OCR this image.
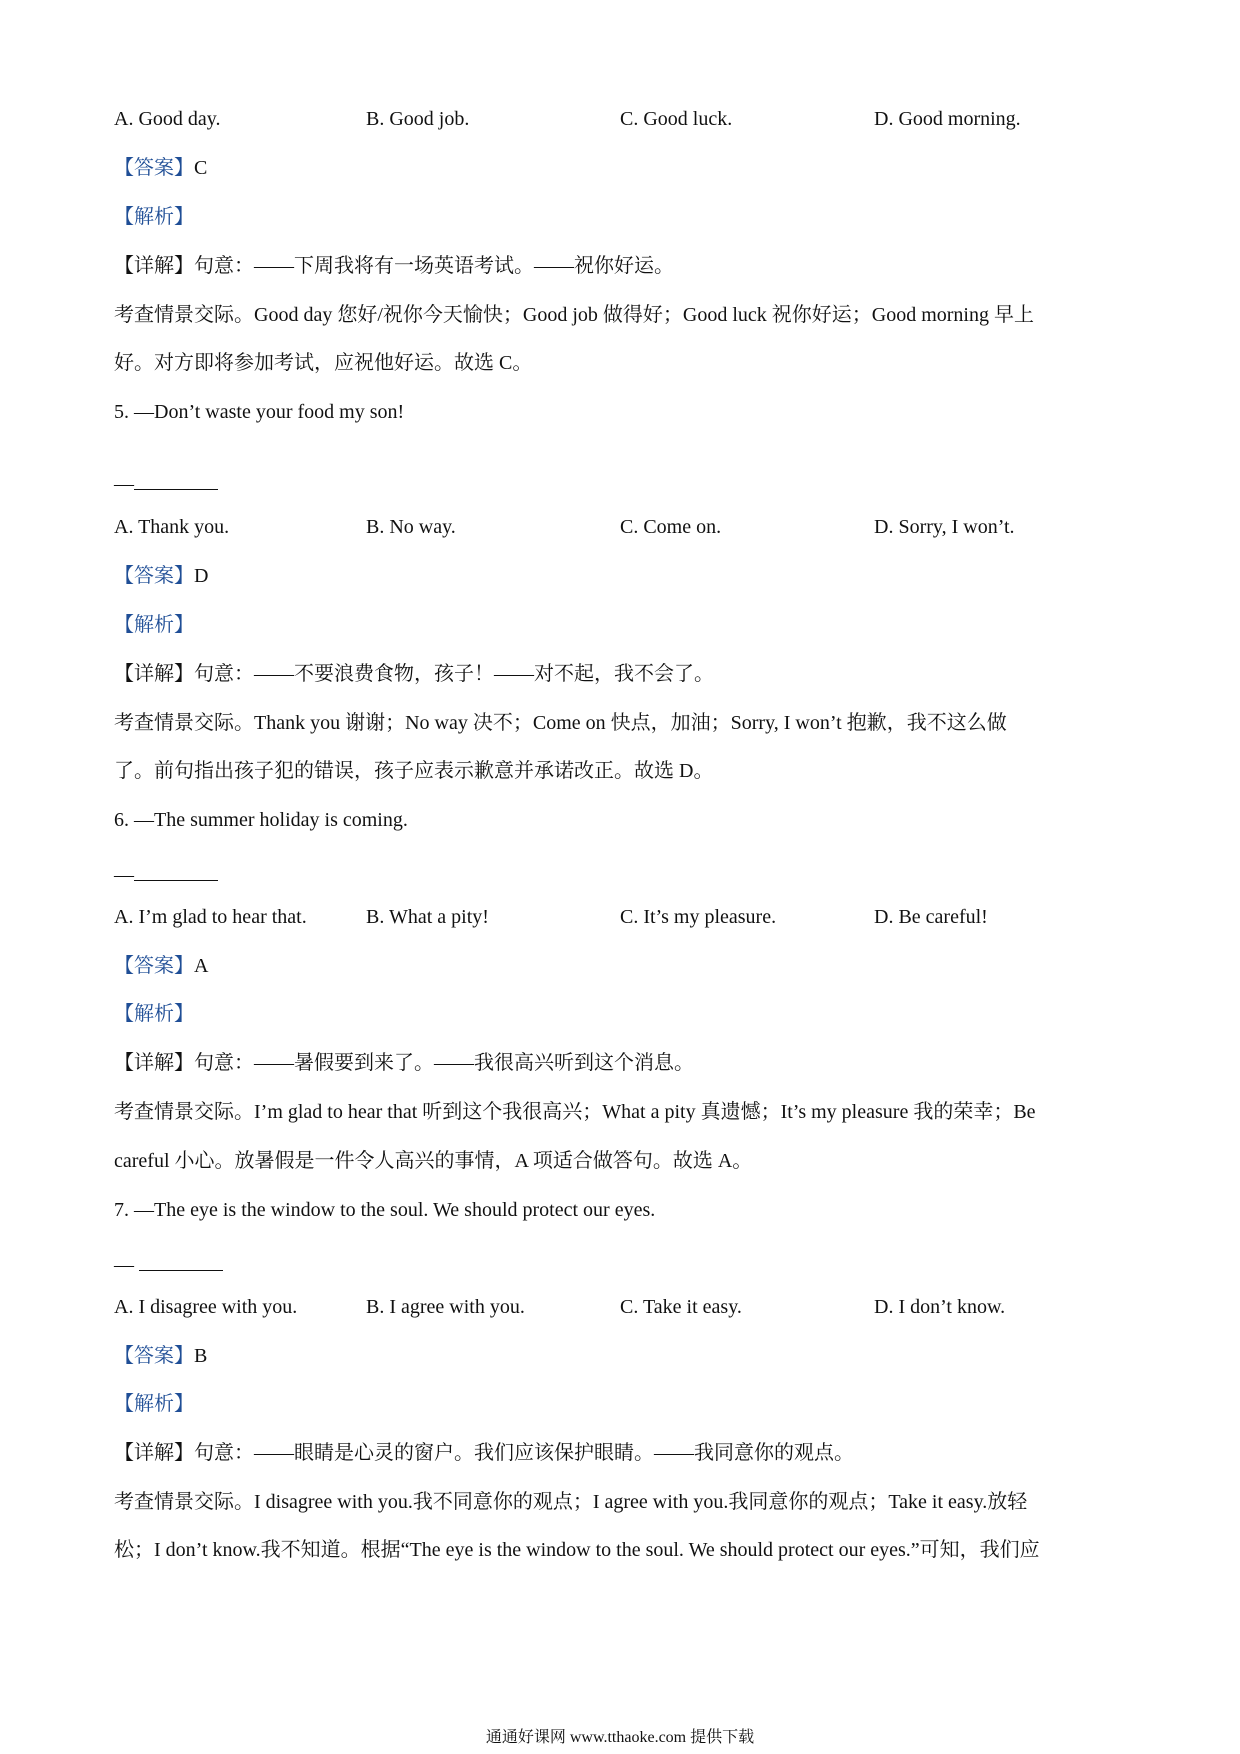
A. Good day.	B. Good job.	C. Good luck.	D. Good morning.
【答案】C
【解析】
【详解】句意：——下周我将有一场英语考试。——祝你好运。
考查情景交际。Good day 您好/祝你今天愉快；Good job 做得好；Good luck 祝你好运；Good morning 早上
好。对方即将参加考试，应祝他好运。故选 C。
5. —Don’t waste your food my son!
—
A. Thank you.	B. No way.	C. Come on.	D. Sorry, I won’t.
【答案】D
【解析】
【详解】句意：——不要浪费食物，孩子！——对不起，我不会了。
考查情景交际。Thank you 谢谢；No way 决不；Come on 快点，加油；Sorry, I won’t 抱歉，我不这么做
了。前句指出孩子犯的错误，孩子应表示歉意并承诺改正。故选 D。
6. —The summer holiday is coming.
—
A. I’m glad to hear that.	B. What a pity!	C. It’s my pleasure.	D. Be careful!
【答案】A
【解析】
【详解】句意：——暑假要到来了。——我很高兴听到这个消息。
考查情景交际。I’m glad to hear that 听到这个我很高兴；What a pity 真遗憾；It’s my pleasure 我的荣幸；Be
careful 小心。放暑假是一件令人高兴的事情，A 项适合做答句。故选 A。
7. —The eye is the window to the soul. We should protect our eyes.
—
A. I disagree with you.	B. I agree with you.	C. Take it easy.	D. I don’t know.
【答案】B
【解析】
【详解】句意：——眼睛是心灵的窗户。我们应该保护眼睛。——我同意你的观点。
考查情景交际。I disagree with you.我不同意你的观点；I agree with you.我同意你的观点；Take it easy.放轻
松；I don’t know.我不知道。根据“The eye is the window to the soul. We should protect our eyes.”可知，我们应
通通好课网 www.tthaoke.com 提供下载
